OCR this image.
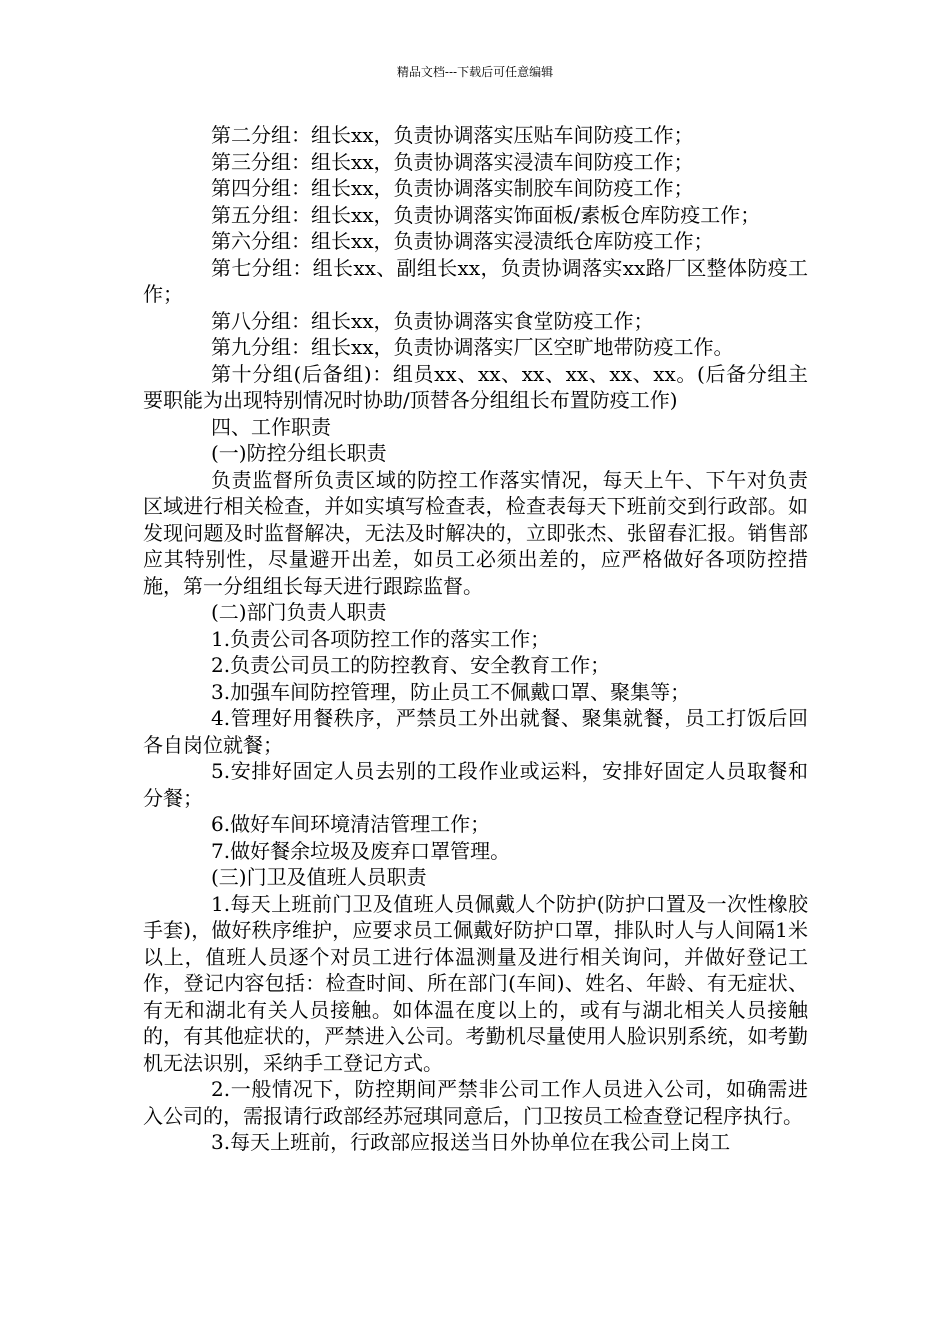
精品文档---下载后可任意编辑

第二分组：组长xx，负责协调落实压贴车间防疫工作；

第三分组：组长xx，负责协调落实浸渍车间防疫工作；

第四分组：组长xx，负责协调落实制胶车间防疫工作；

第五分组：组长xx，负责协调落实饰面板/素板仓库防疫工作；

第六分组：组长xx，负责协调落实浸渍纸仓库防疫工作；

第七分组：组长xx、副组长xx，负责协调落实xx路厂区整体防疫工作；

第八分组：组长xx，负责协调落实食堂防疫工作；

第九分组：组长xx，负责协调落实厂区空旷地带防疫工作。

第十分组(后备组)：组员xx、xx、xx、xx、xx、xx。(后备分组主要职能为出现特别情况时协助/顶替各分组组长布置防疫工作)

四、工作职责

(一)防控分组长职责

负责监督所负责区域的防控工作落实情况，每天上午、下午对负责区域进行相关检查，并如实填写检查表，检查表每天下班前交到行政部。如发现问题及时监督解决，无法及时解决的，立即张杰、张留春汇报。销售部应其特别性，尽量避开出差，如员工必须出差的，应严格做好各项防控措施，第一分组组长每天进行跟踪监督。

(二)部门负责人职责

1.负责公司各项防控工作的落实工作；

2.负责公司员工的防控教育、安全教育工作；

3.加强车间防控管理，防止员工不佩戴口罩、聚集等；

4.管理好用餐秩序，严禁员工外出就餐、聚集就餐，员工打饭后回各自岗位就餐；

5.安排好固定人员去别的工段作业或运料，安排好固定人员取餐和分餐；

6.做好车间环境清洁管理工作；

7.做好餐余垃圾及废弃口罩管理。

(三)门卫及值班人员职责

1.每天上班前门卫及值班人员佩戴人个防护(防护口置及一次性橡胶手套)，做好秩序维护，应要求员工佩戴好防护口罩，排队时人与人间隔1米以上，值班人员逐个对员工进行体温测量及进行相关询问，并做好登记工作，登记内容包括：检查时间、所在部门(车间)、姓名、年龄、有无症状、有无和湖北有关人员接触。如体温在度以上的，或有与湖北相关人员接触的，有其他症状的，严禁进入公司。考勤机尽量使用人脸识别系统，如考勤机无法识别，采纳手工登记方式。

2.一般情况下，防控期间严禁非公司工作人员进入公司，如确需进入公司的，需报请行政部经苏冠琪同意后，门卫按员工检查登记程序执行。

3.每天上班前，行政部应报送当日外协单位在我公司上岗工
